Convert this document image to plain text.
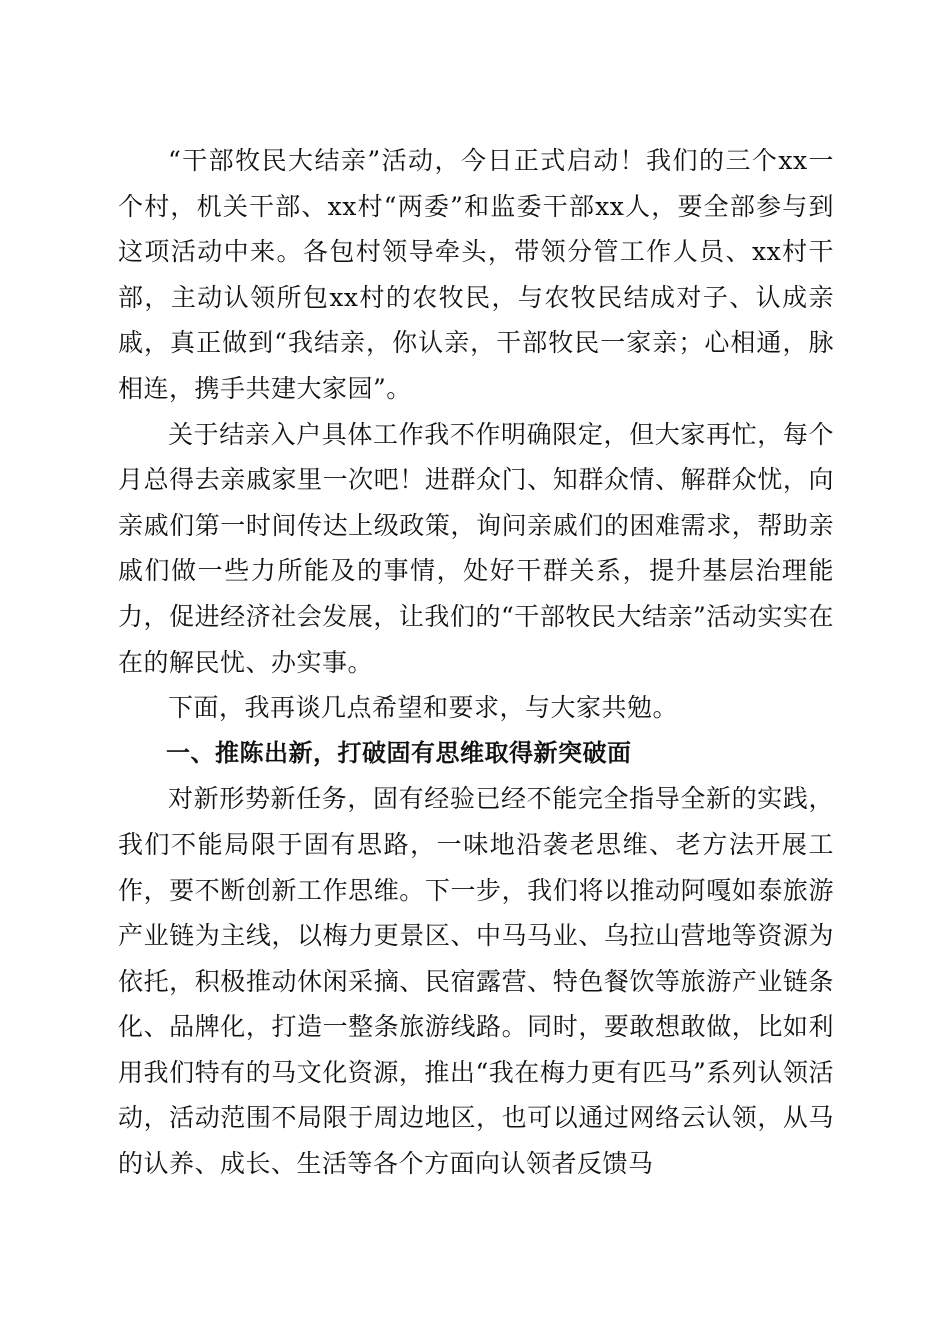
“干部牧民大结亲”活动，今日正式启动！我们的三个xx一个村，机关干部、xx村“两委”和监委干部xx人，要全部参与到这项活动中来。各包村领导牵头，带领分管工作人员、xx村干部，主动认领所包xx村的农牧民，与农牧民结成对子、认成亲戚，真正做到“我结亲，你认亲，干部牧民一家亲；心相通，脉相连，携手共建大家园”。

关于结亲入户具体工作我不作明确限定，但大家再忙，每个月总得去亲戚家里一次吧！进群众门、知群众情、解群众忧，向亲戚们第一时间传达上级政策，询问亲戚们的困难需求，帮助亲戚们做一些力所能及的事情，处好干群关系，提升基层治理能力，促进经济社会发展，让我们的“干部牧民大结亲”活动实实在在的解民忧、办实事。

下面，我再谈几点希望和要求，与大家共勉。

一、推陈出新，打破固有思维取得新突破面

对新形势新任务，固有经验已经不能完全指导全新的实践，我们不能局限于固有思路，一味地沿袭老思维、老方法开展工作，要不断创新工作思维。下一步，我们将以推动阿嘎如泰旅游产业链为主线，以梅力更景区、中马马业、乌拉山营地等资源为依托，积极推动休闲采摘、民宿露营、特色餐饮等旅游产业链条化、品牌化，打造一整条旅游线路。同时，要敢想敢做，比如利用我们特有的马文化资源，推出“我在梅力更有匹马”系列认领活动，活动范围不局限于周边地区，也可以通过网络云认领，从马的认养、成长、生活等各个方面向认领者反馈马
